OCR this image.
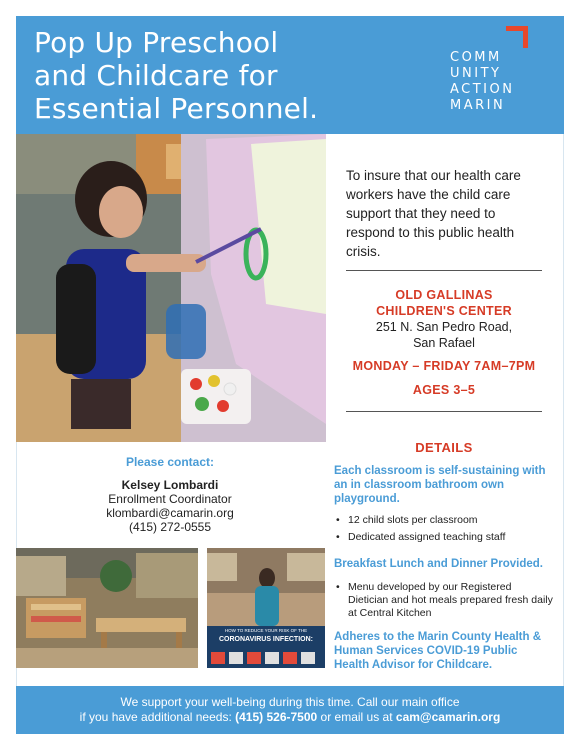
Pop Up Preschool
and Childcare for
Essential Personnel.
COMM
UNITY
ACTION
MARIN
To insure that our health care workers have the child care support that they need to respond to this public health crisis.
OLD GALLINAS
CHILDREN'S CENTER
251 N. San Pedro Road,
San Rafael
MONDAY – FRIDAY 7AM–7PM
AGES 3–5
DETAILS
Each classroom is self-sustaining with an in classroom bathroom own playground.
• 12 child slots per classroom
• Dedicated assigned teaching staff
Breakfast Lunch and Dinner Provided.
• Menu developed by our Registered Dietician and hot meals prepared fresh daily at Central Kitchen
Adheres to the Marin County Health & Human Services COVID-19 Public Health Advisor for Childcare.
Please contact:
Kelsey Lombardi
Enrollment Coordinator
klombardi@camarin.org
(415) 272-0555
HOW TO REDUCE YOUR RISK OF THE
CORONAVIRUS INFECTION:
We support your well-being during this time. Call our main office
if you have additional needs: (415) 526-7500 or email us at cam@camarin.org
